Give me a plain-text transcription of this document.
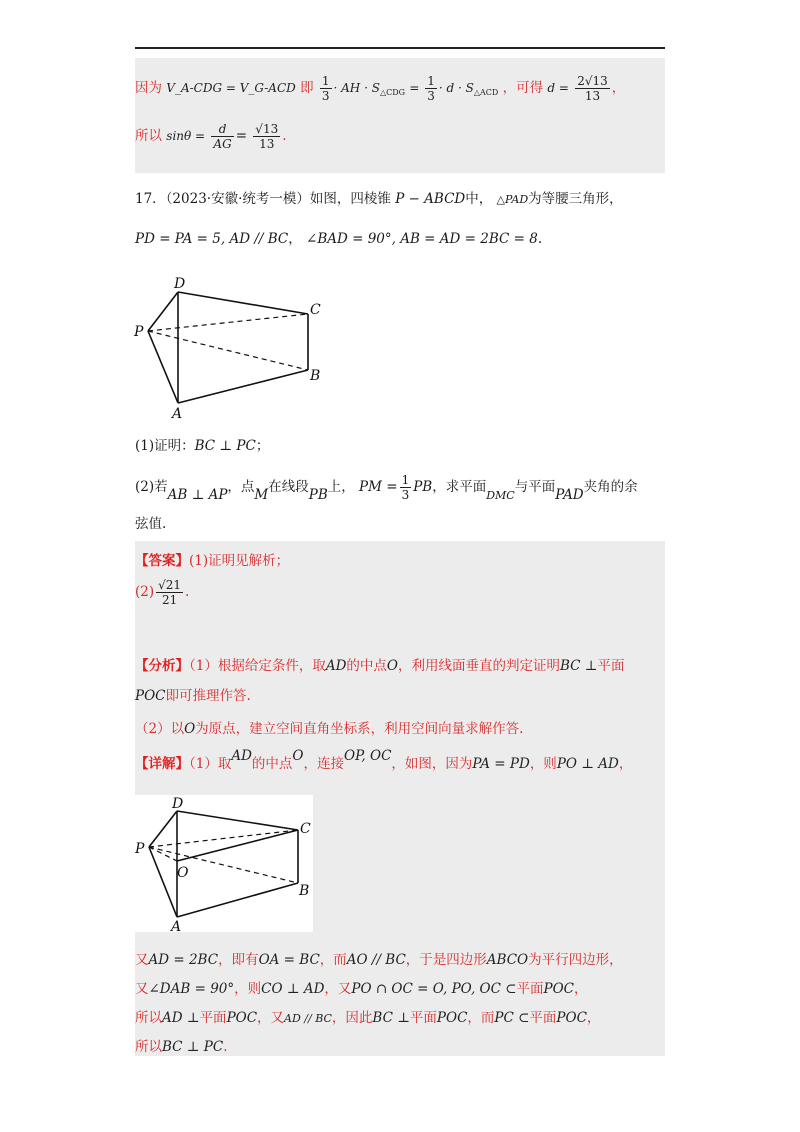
因为 V_A-CDG = V_G-ACD 即 $\frac{1}{3}$ · AH · $S_{\triangle CDG} = \frac{1}{3} \cdot d \cdot S_{\triangle ACD}$ ，可得 $d = \frac{2√13}{13}$ ，
所以 $\sin\theta = \frac{d}{AG} = \frac{√13}{13}$ .
17．（2023·安徽·统考一模）如图，四棱锥 P − ABCD中， △PAD为等腰三角形，
PD = PA = 5, AD // BC， ∠BAD = 90°, AB = AD = 2BC = 8.
D
C
P
B
A
(1)证明：BC ⊥ PC；
(2)若AB ⊥ AP，点M在线段PB上， PM = $\frac{1}{3}$ PB，求平面$_{DMC}$与平面PAD夹角的余
弦值.
【答案】(1)证明见解析；
$(2) \frac{√21}{21}$ .
【分析】（1）根据给定条件，取AD的中点O，利用线面垂直的判定证明BC ⊥平面
POC即可推理作答.
（2）以O为原点，建立空间直角坐标系，利用空间向量求解作答.
【详解】（1）取AD的中点O，连接OP, OC，如图，因为PA = PD，则PO ⊥ AD，
D
C
P
O
B
A
又AD = 2BC，即有OA = BC，而AO // BC，于是四边形ABCO为平行四边形，
又∠DAB = 90°，则CO ⊥ AD，又PO ∩ OC = O, PO, OC ⊂平面POC，
所以AD ⊥平面POC，又AD // BC，因此BC ⊥平面POC，而PC ⊂平面POC，
所以BC ⊥ PC.
